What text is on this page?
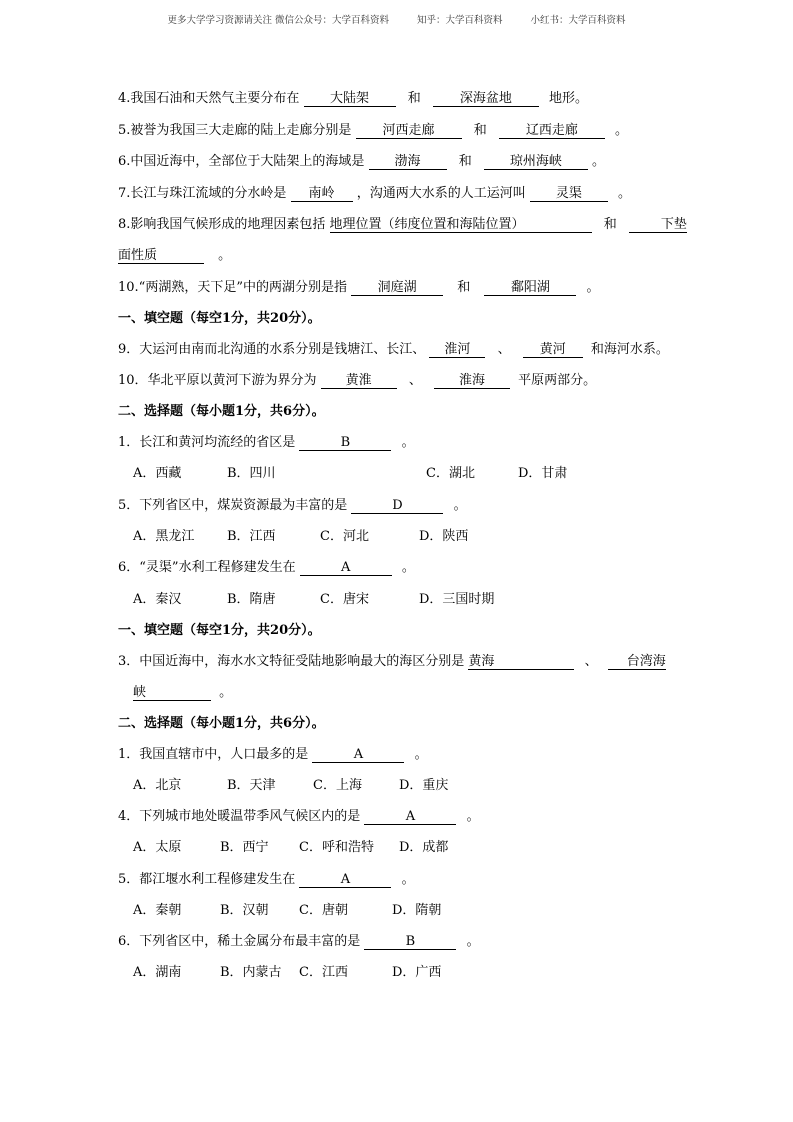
更多大学学习资源请关注 微信公众号：大学百科资料	知乎：大学百科资料	小红书：大学百科资料
4.我国石油和天然气主要分布在 大陆架	和	深海盆地	地形。
5.被誉为我国三大走廊的陆上走廊分别是 河西走廊	和	辽西走廊	。
6.中国近海中，全部位于大陆架上的海域是 渤海	和	琼州海峡 。
7.长江与珠江流域的分水岭是 南岭 ，沟通两大水系的人工运河叫 灵渠	。
8.影响我国气候形成的地理因素包括 地理位置（纬度位置和海陆位置）	和	下垫
面性质	。
10.“两湖熟，天下足”中的两湖分别是指 洞庭湖	和	鄱阳湖	。
一、填空题（每空1分，共20分）。
9．大运河由南而北沟通的水系分别是钱塘江、长江、 淮河 、 黄河 和海河水系。
10．华北平原以黄河下游为界分为 黄淮	、	淮海	平原两部分。
二、选择题（每小题1分，共6分）。
1．长江和黄河均流经的省区是	B	。
A．西藏	B．四川	C．湖北	D．甘肃
5．下列省区中，煤炭资源最为丰富的是	D	。
A．黑龙江	B．江西	C．河北	D．陕西
6．“灵渠”水利工程修建发生在	A	。
A．秦汉	B．隋唐	C．唐宋	D．三国时期
一、填空题（每空1分，共20分）。
3．中国近海中，海水水文特征受陆地影响最大的海区分别是 黄海	、 台湾海
峡	。
二、选择题（每小题1分，共6分）。
1．我国直辖市中，人口最多的是	A	。
A．北京	B．天津	C．上海	D．重庆
4．下列城市地处暖温带季风气候区内的是	A	。
A．太原	B．西宁 C．呼和浩特 D．成都
5．都江堰水利工程修建发生在	A	。
A．秦朝	B．汉朝 C．唐朝	D．隋朝
6．下列省区中，稀土金属分布最丰富的是	B	。
A．湖南	B．内蒙古 C．江西	D．广西
